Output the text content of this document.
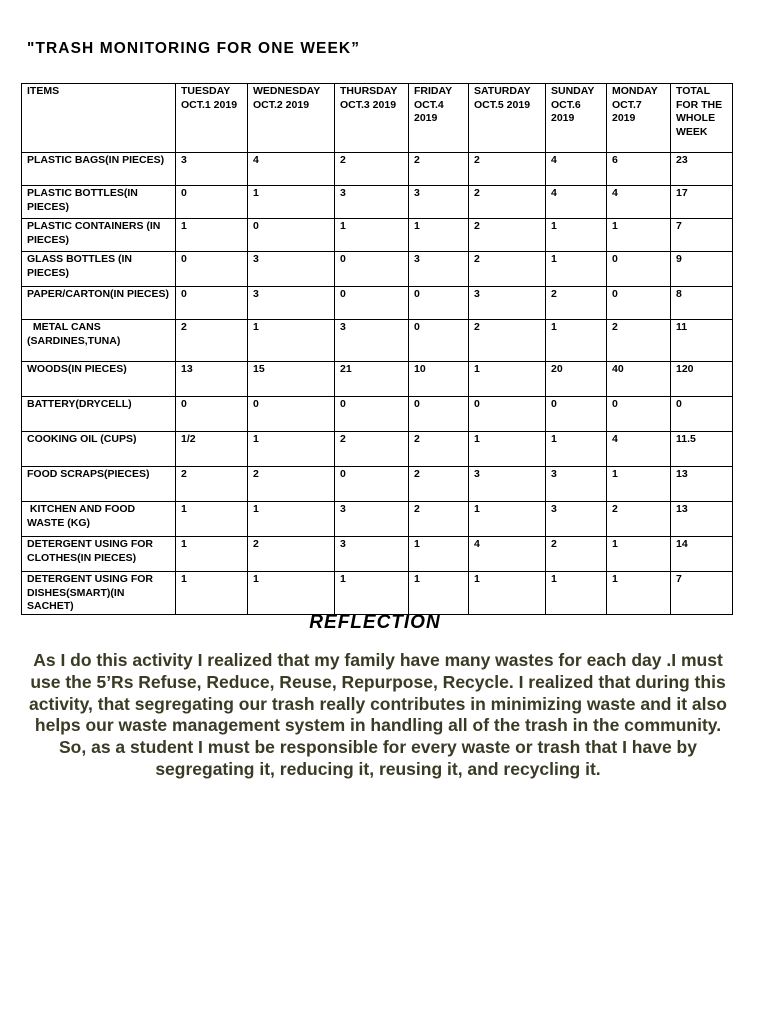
"TRASH MONITORING FOR ONE WEEK”
ITEMS	TUESDAY OCT.1 2019	WEDNESDAY OCT.2 2019	THURSDAY OCT.3 2019	FRIDAY OCT.4 2019	SATURDAY OCT.5 2019	SUNDAY OCT.6 2019	MONDAY OCT.7 2019	TOTAL FOR THE WHOLE WEEK
PLASTIC BAGS(IN PIECES)	3	4	2	2	2	4	6	23
PLASTIC BOTTLES(IN PIECES)	0	1	3	3	2	4	4	17
PLASTIC CONTAINERS (IN PIECES)	1	0	1	1	2	1	1	7
GLASS BOTTLES (IN PIECES)	0	3	0	3	2	1	0	9
PAPER/CARTON(IN PIECES)	0	3	0	0	3	2	0	8
METAL CANS (SARDINES,TUNA)	2	1	3	0	2	1	2	11
WOODS(IN PIECES)	13	15	21	10	1	20	40	120
BATTERY(DRYCELL)	0	0	0	0	0	0	0	0
COOKING OIL (CUPS)	1/2	1	2	2	1	1	4	11.5
FOOD SCRAPS(PIECES)	2	2	0	2	3	3	1	13
KITCHEN AND FOOD WASTE (KG)	1	1	3	2	1	3	2	13
DETERGENT USING FOR CLOTHES(IN PIECES)	1	2	3	1	4	2	1	14
DETERGENT USING FOR DISHES(SMART)(IN SACHET)	1	1	1	1	1	1	1	7
REFLECTION

As I do this activity I realized that my family have many wastes for each day .I must use the 5’Rs Refuse, Reduce, Reuse, Repurpose, Recycle. I realized that during this activity, that segregating our trash really contributes in minimizing waste and it also helps our waste management system in handling all of the trash in the community. So, as a student I must be responsible for every waste or trash that I have by segregating it, reducing it, reusing it, and recycling it.
